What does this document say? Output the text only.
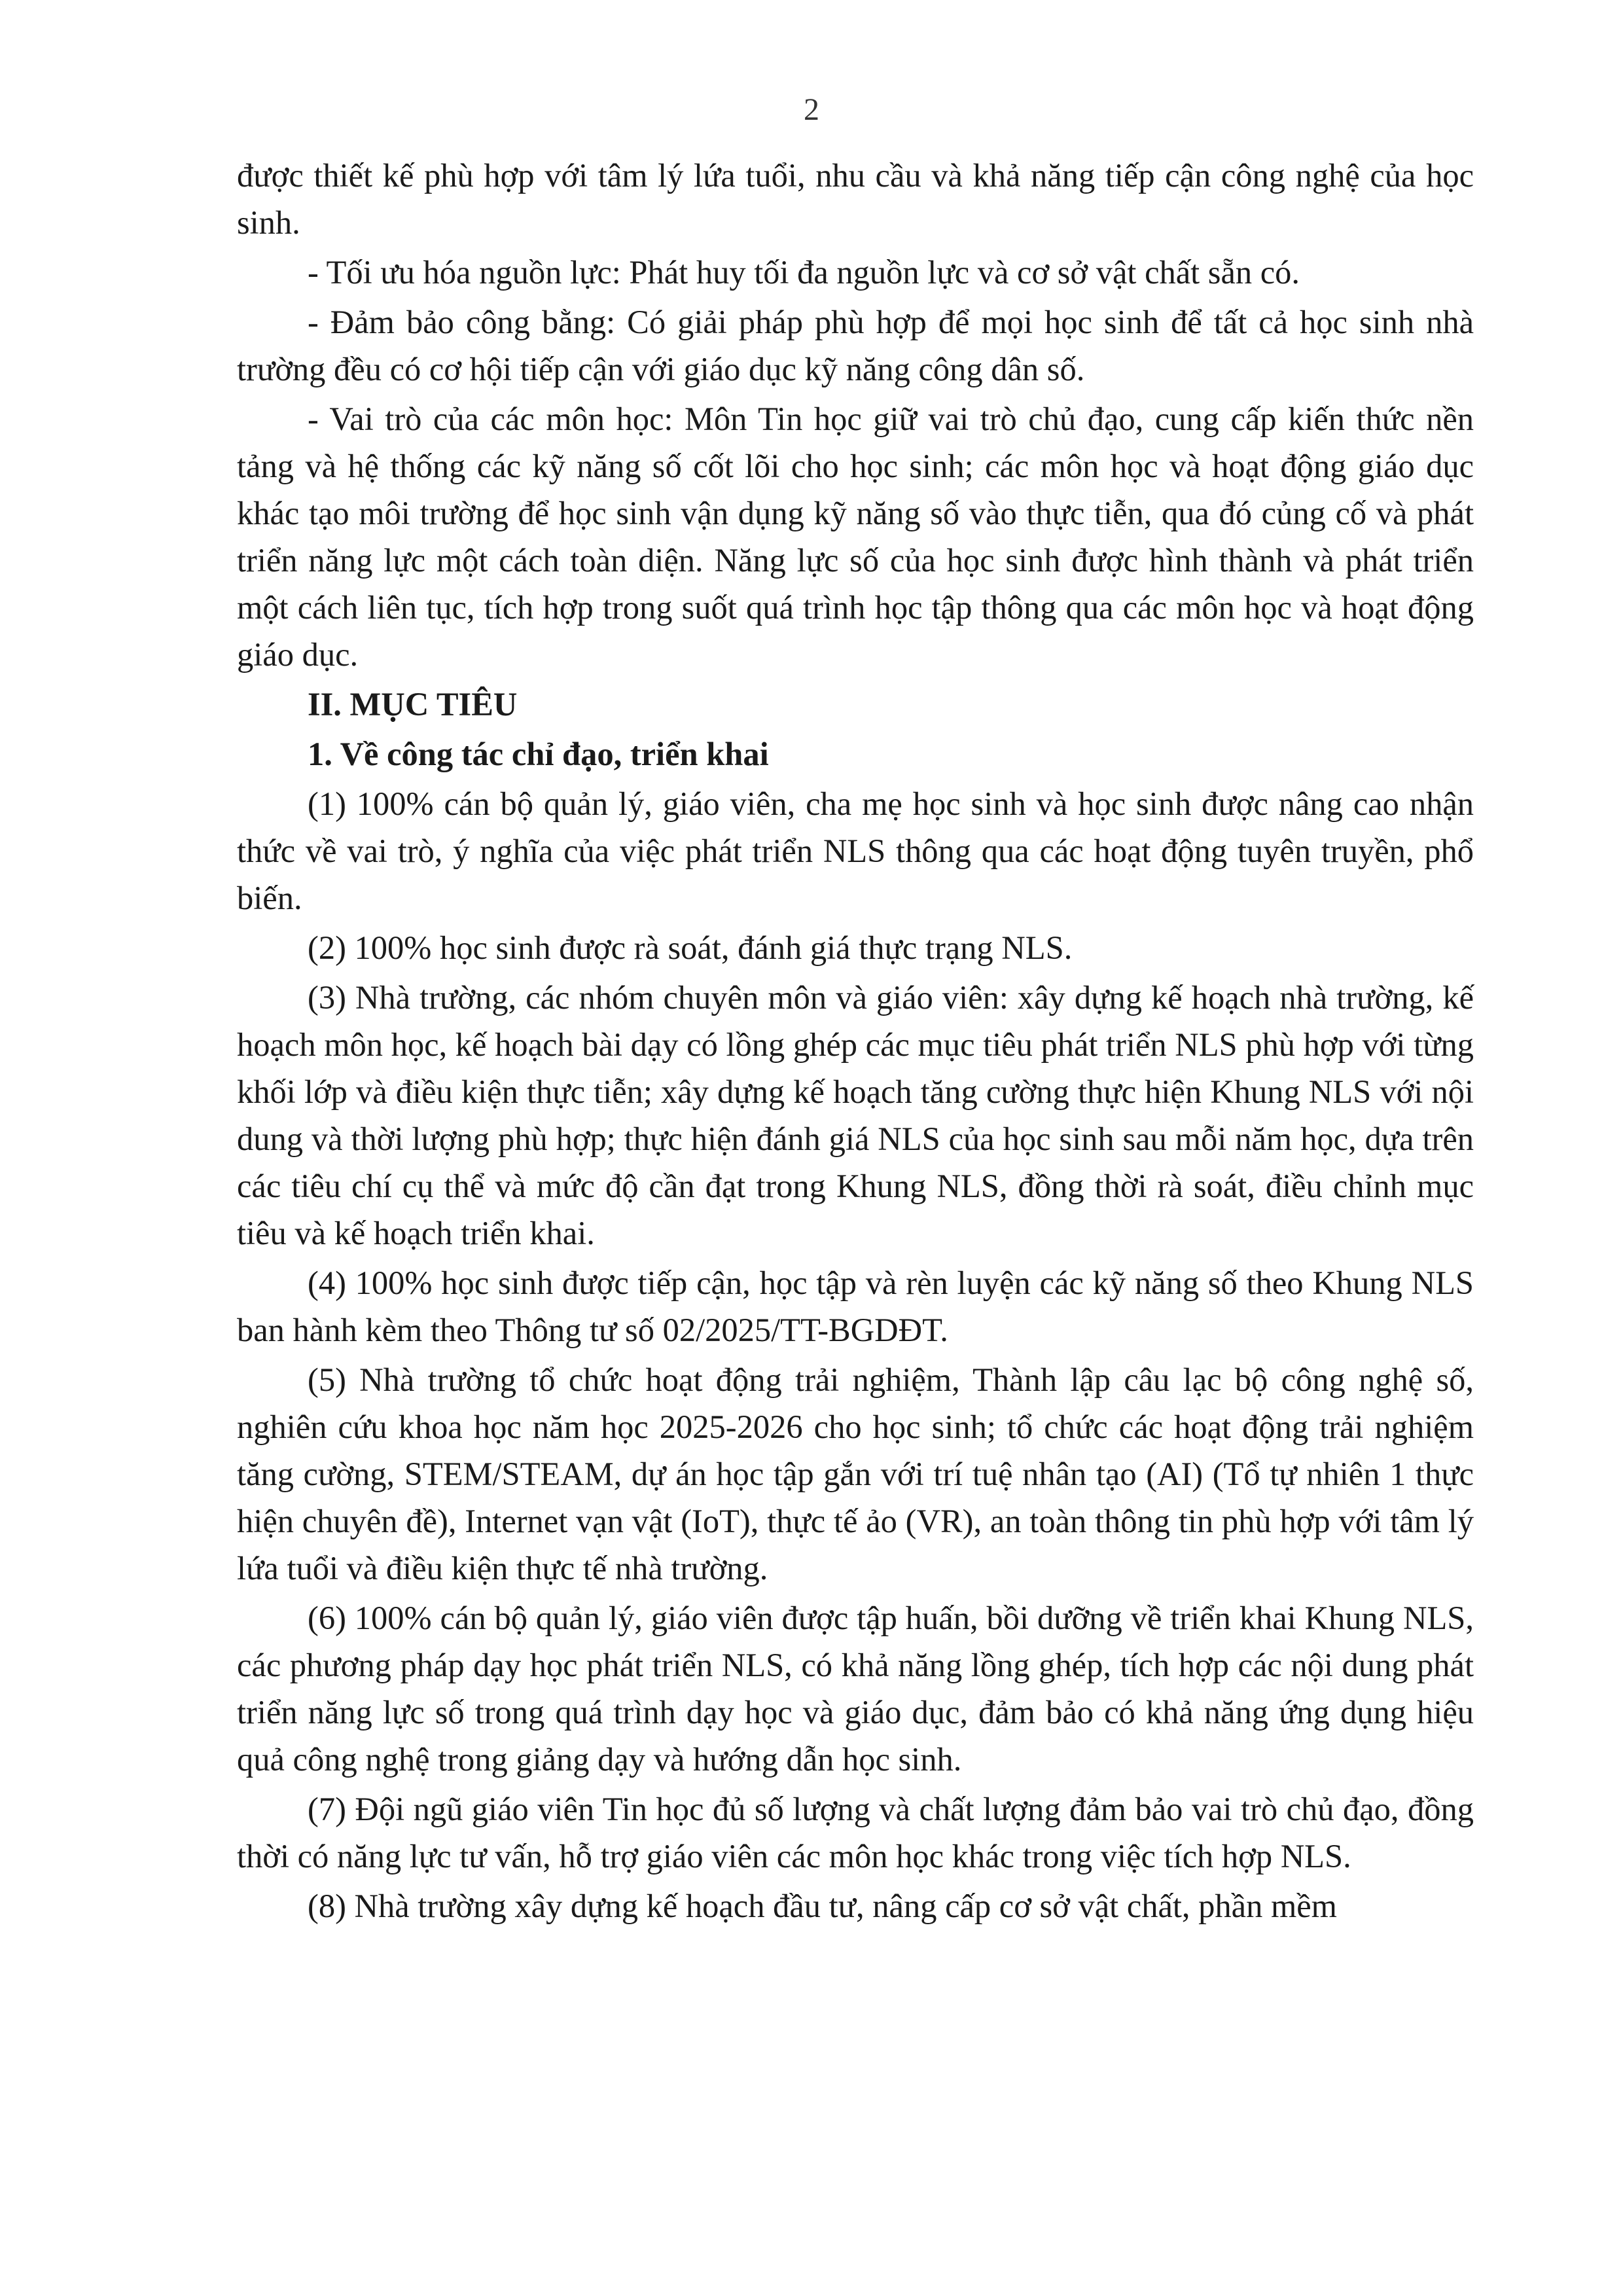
2

được thiết kế phù hợp với tâm lý lứa tuổi, nhu cầu và khả năng tiếp cận công nghệ của học sinh.

- Tối ưu hóa nguồn lực: Phát huy tối đa nguồn lực và cơ sở vật chất sẵn có.

- Đảm bảo công bằng: Có giải pháp phù hợp để mọi học sinh để tất cả học sinh nhà trường đều có cơ hội tiếp cận với giáo dục kỹ năng công dân số.

- Vai trò của các môn học: Môn Tin học giữ vai trò chủ đạo, cung cấp kiến thức nền tảng và hệ thống các kỹ năng số cốt lõi cho học sinh; các môn học và hoạt động giáo dục khác tạo môi trường để học sinh vận dụng kỹ năng số vào thực tiễn, qua đó củng cố và phát triển năng lực một cách toàn diện. Năng lực số của học sinh được hình thành và phát triển một cách liên tục, tích hợp trong suốt quá trình học tập thông qua các môn học và hoạt động giáo dục.

II. MỤC TIÊU

1. Về công tác chỉ đạo, triển khai

(1) 100% cán bộ quản lý, giáo viên, cha mẹ học sinh và học sinh được nâng cao nhận thức về vai trò, ý nghĩa của việc phát triển NLS thông qua các hoạt động tuyên truyền, phổ biến.

(2) 100% học sinh được rà soát, đánh giá thực trạng NLS.

(3) Nhà trường, các nhóm chuyên môn và giáo viên: xây dựng kế hoạch nhà trường, kế hoạch môn học, kế hoạch bài dạy có lồng ghép các mục tiêu phát triển NLS phù hợp với từng khối lớp và điều kiện thực tiễn; xây dựng kế hoạch tăng cường thực hiện Khung NLS với nội dung và thời lượng phù hợp; thực hiện đánh giá NLS của học sinh sau mỗi năm học, dựa trên các tiêu chí cụ thể và mức độ cần đạt trong Khung NLS, đồng thời rà soát, điều chỉnh mục tiêu và kế hoạch triển khai.

(4) 100% học sinh được tiếp cận, học tập và rèn luyện các kỹ năng số theo Khung NLS ban hành kèm theo Thông tư số 02/2025/TT-BGDĐT.

(5) Nhà trường tổ chức hoạt động trải nghiệm, Thành lập câu lạc bộ công nghệ số, nghiên cứu khoa học năm học 2025-2026 cho học sinh; tổ chức các hoạt động trải nghiệm tăng cường, STEM/STEAM, dự án học tập gắn với trí tuệ nhân tạo (AI) (Tổ tự nhiên 1 thực hiện chuyên đề), Internet vạn vật (IoT), thực tế ảo (VR), an toàn thông tin phù hợp với tâm lý lứa tuổi và điều kiện thực tế nhà trường.

(6) 100% cán bộ quản lý, giáo viên được tập huấn, bồi dưỡng về triển khai Khung NLS, các phương pháp dạy học phát triển NLS, có khả năng lồng ghép, tích hợp các nội dung phát triển năng lực số trong quá trình dạy học và giáo dục, đảm bảo có khả năng ứng dụng hiệu quả công nghệ trong giảng dạy và hướng dẫn học sinh.

(7) Đội ngũ giáo viên Tin học đủ số lượng và chất lượng đảm bảo vai trò chủ đạo, đồng thời có năng lực tư vấn, hỗ trợ giáo viên các môn học khác trong việc tích hợp NLS.

(8) Nhà trường xây dựng kế hoạch đầu tư, nâng cấp cơ sở vật chất, phần mềm
